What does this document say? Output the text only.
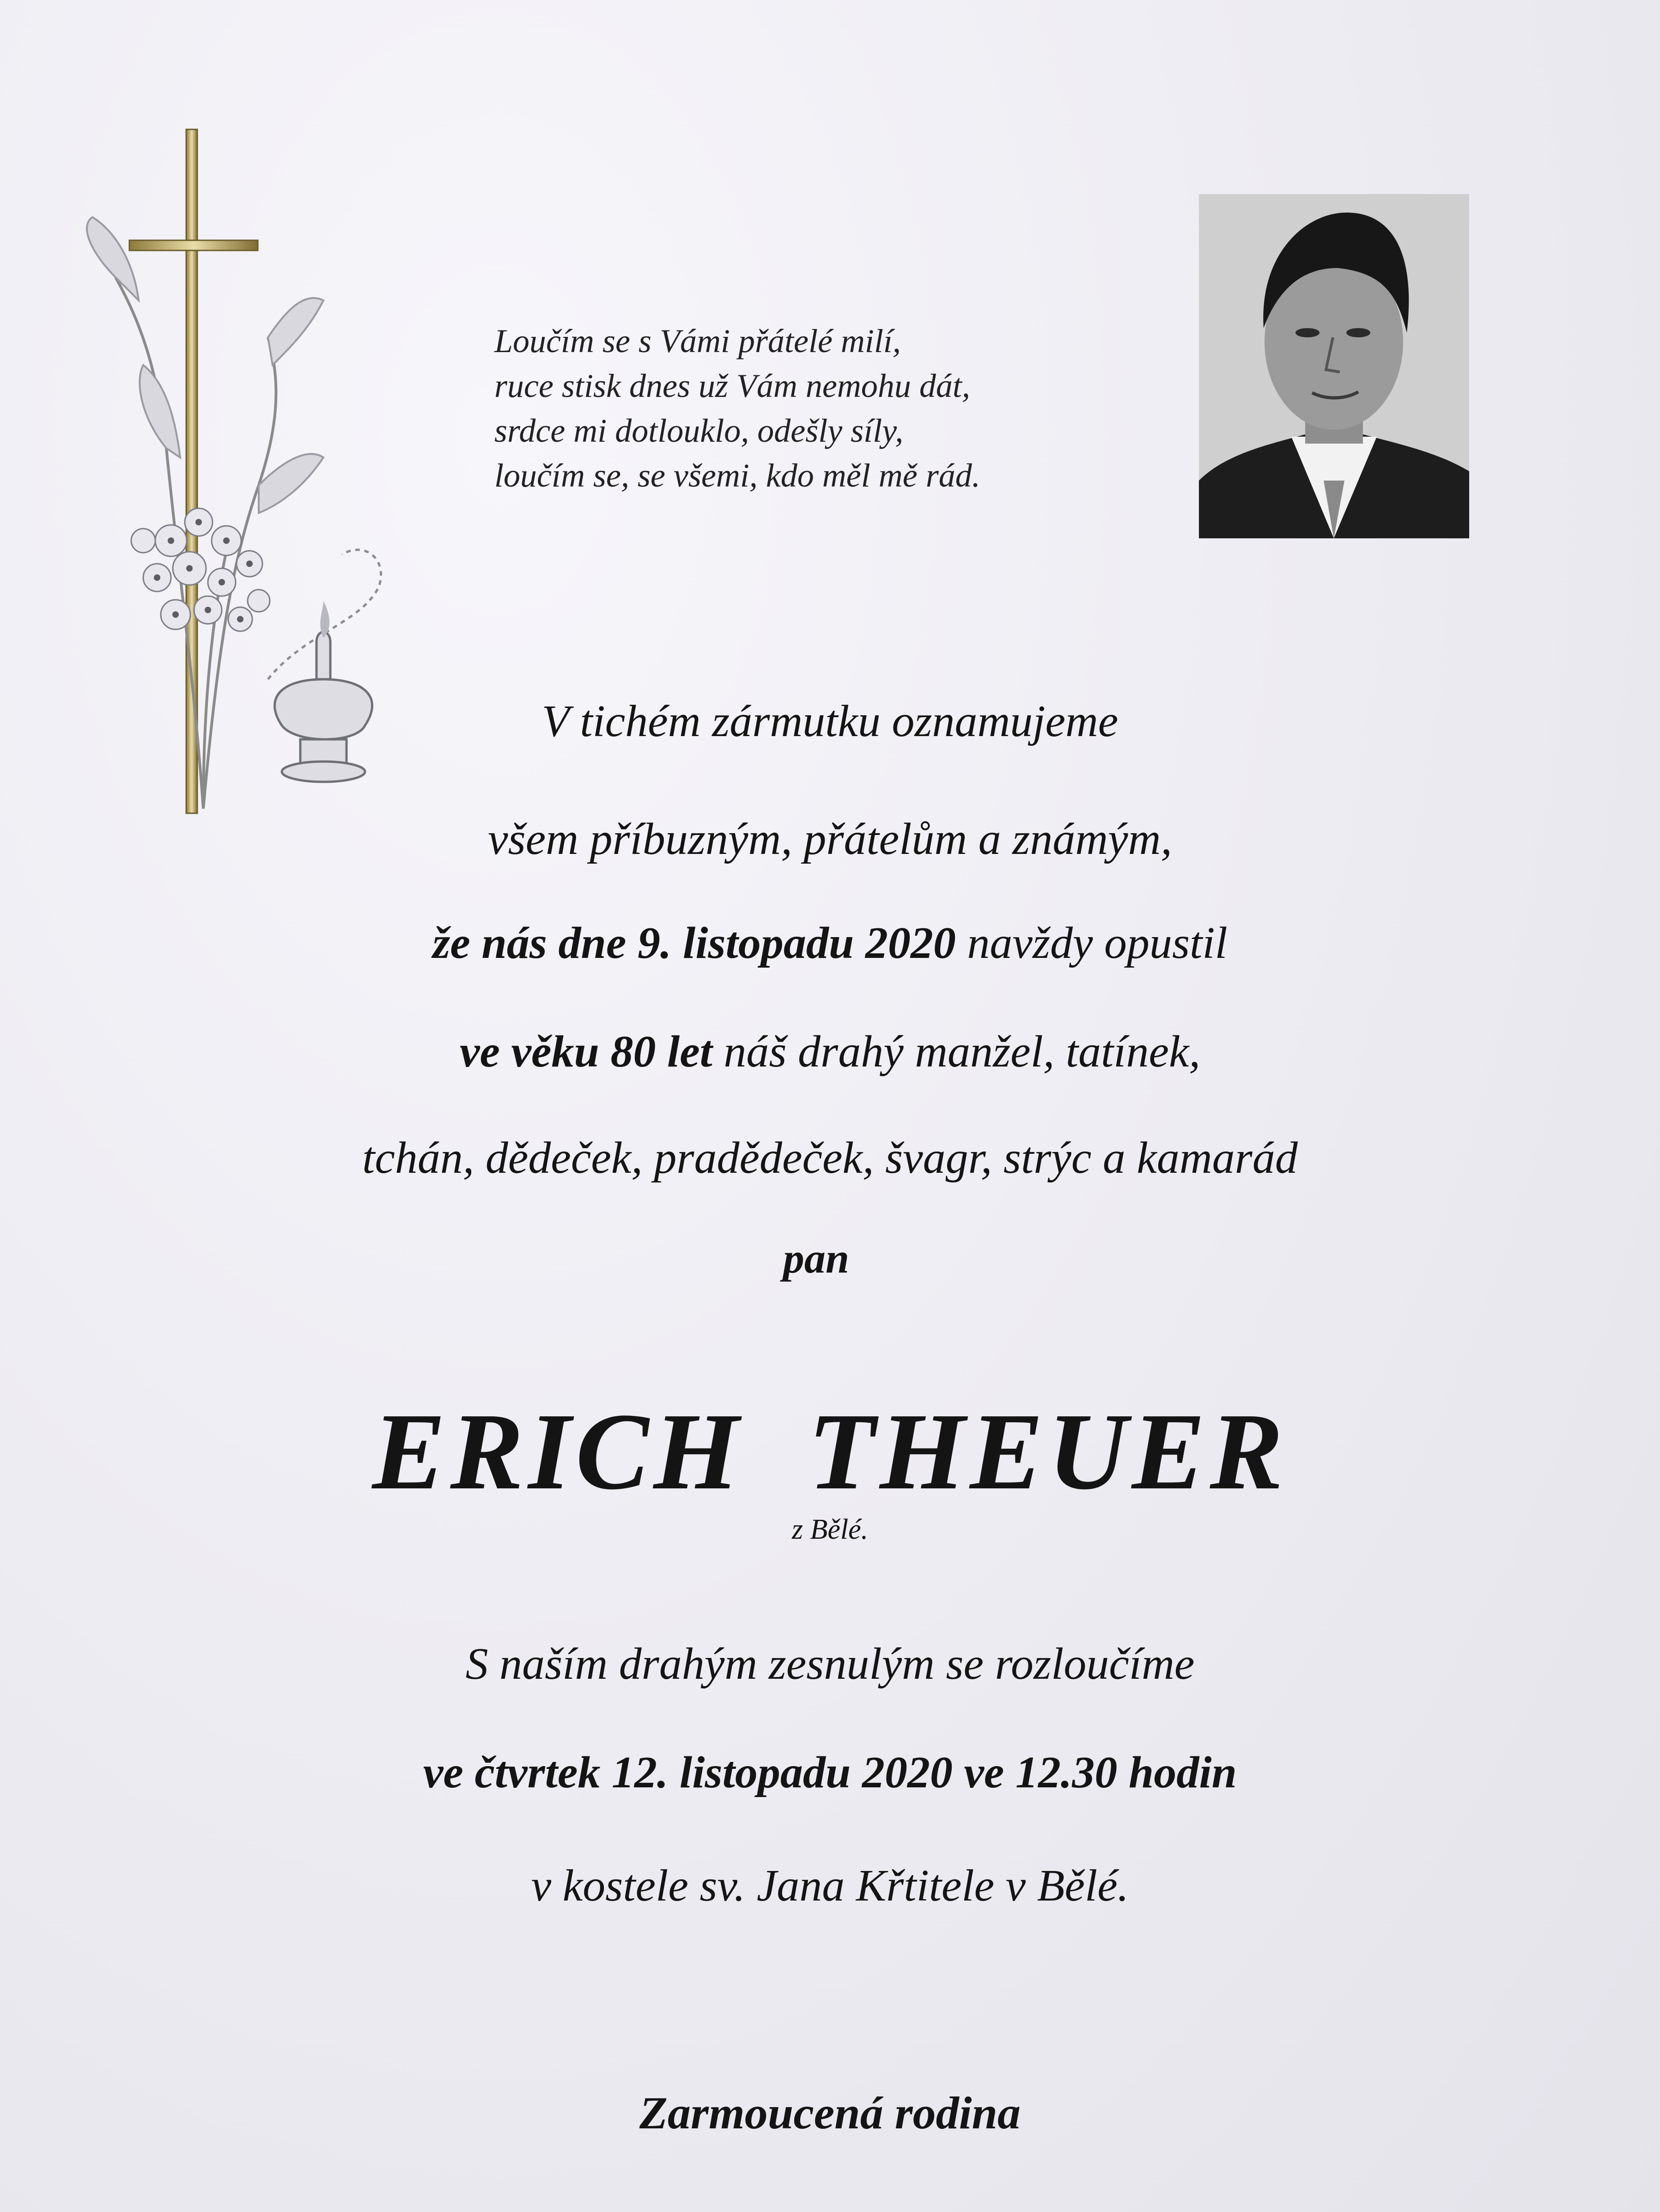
Loučím se s Vámi přátelé milí,
ruce stisk dnes už Vám nemohu dát,
srdce mi dotlouklo, odešly síly,
loučím se, se všemi, kdo měl mě rád.
V tichém zármutku oznamujeme
všem příbuzným, přátelům a známým,
že nás dne 9. listopadu 2020 navždy opustil
ve věku 80 let náš drahý manžel, tatínek,
tchán, dědeček, pradědeček, švagr, strýc a kamarád
pan
ERICH  THEUER
z Bělé.
S naším drahým zesnulým se rozloučíme
ve čtvrtek 12. listopadu 2020 ve 12.30 hodin
v kostele sv. Jana Křtitele v Bělé.
Zarmoucená rodina
